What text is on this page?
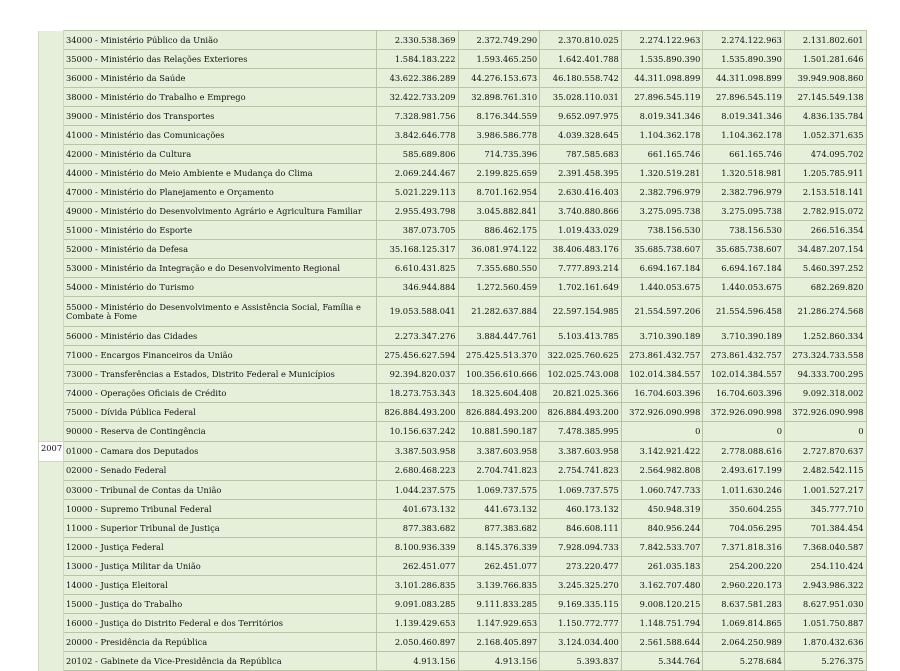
	34000 - Ministério Público da União	2.330.538.369	2.372.749.290	2.370.810.025	2.274.122.963	2.274.122.963	2.131.802.601
	35000 - Ministério das Relações Exteriores	1.584.183.222	1.593.465.250	1.642.401.788	1.535.890.390	1.535.890.390	1.501.281.646
	36000 - Ministério da Saúde	43.622.386.289	44.276.153.673	46.180.558.742	44.311.098.899	44.311.098.899	39.949.908.860
	38000 - Ministério do Trabalho e Emprego	32.422.733.209	32.898.761.310	35.028.110.031	27.896.545.119	27.896.545.119	27.145.549.138
	39000 - Ministério dos Transportes	7.328.981.756	8.176.344.559	9.652.097.975	8.019.341.346	8.019.341.346	4.836.135.784
	41000 - Ministério das Comunicações	3.842.646.778	3.986.586.778	4.039.328.645	1.104.362.178	1.104.362.178	1.052.371.635
	42000 - Ministério da Cultura	585.689.806	714.735.396	787.585.683	661.165.746	661.165.746	474.095.702
	44000 - Ministério do Meio Ambiente e Mudança do Clima	2.069.244.467	2.199.825.659	2.391.458.395	1.320.519.281	1.320.518.981	1.205.785.911
	47000 - Ministério do Planejamento e Orçamento	5.021.229.113	8.701.162.954	2.630.416.403	2.382.796.979	2.382.796.979	2.153.518.141
	49000 - Ministério do Desenvolvimento Agrário e Agricultura Familiar	2.955.493.798	3.045.882.841	3.740.880.866	3.275.095.738	3.275.095.738	2.782.915.072
	51000 - Ministério do Esporte	387.073.705	886.462.175	1.019.433.029	738.156.530	738.156.530	266.516.354
	52000 - Ministério da Defesa	35.168.125.317	36.081.974.122	38.406.483.176	35.685.738.607	35.685.738.607	34.487.207.154
	53000 - Ministério da Integração e do Desenvolvimento Regional	6.610.431.825	7.355.680.550	7.777.893.214	6.694.167.184	6.694.167.184	5.460.397.252
	54000 - Ministério do Turismo	346.944.884	1.272.560.459	1.702.161.649	1.440.053.675	1.440.053.675	682.269.820
	55000 - Ministério do Desenvolvimento e Assistência Social, Família e Combate à Fome	19.053.588.041	21.282.637.884	22.597.154.985	21.554.597.206	21.554.596.458	21.286.274.568
	56000 - Ministério das Cidades	2.273.347.276	3.884.447.761	5.103.413.785	3.710.390.189	3.710.390.189	1.252.860.334
	71000 - Encargos Financeiros da União	275.456.627.594	275.425.513.370	322.025.760.625	273.861.432.757	273.861.432.757	273.324.733.558
	73000 - Transferências a Estados, Distrito Federal e Municípios	92.394.820.037	100.356.610.666	102.025.743.008	102.014.384.557	102.014.384.557	94.333.700.295
	74000 - Operações Oficiais de Crédito	18.273.753.343	18.325.604.408	20.821.025.366	16.704.603.396	16.704.603.396	9.092.318.002
	75000 - Dívida Pública Federal	826.884.493.200	826.884.493.200	826.884.493.200	372.926.090.998	372.926.090.998	372.926.090.998
	90000 - Reserva de Contingência	10.156.637.242	10.881.590.187	7.478.385.995	0	0	0
2007	01000 - Camara dos Deputados	3.387.503.958	3.387.603.958	3.387.603.958	3.142.921.422	2.778.088.616	2.727.870.637
	02000 - Senado Federal	2.680.468.223	2.704.741.823	2.754.741.823	2.564.982.808	2.493.617.199	2.482.542.115
	03000 - Tribunal de Contas da União	1.044.237.575	1.069.737.575	1.069.737.575	1.060.747.733	1.011.630.246	1.001.527.217
	10000 - Supremo Tribunal Federal	401.673.132	441.673.132	460.173.132	450.948.319	350.604.255	345.777.710
	11000 - Superior Tribunal de Justiça	877.383.682	877.383.682	846.608.111	840.956.244	704.056.295	701.384.454
	12000 - Justiça Federal	8.100.936.339	8.145.376.339	7.928.094.733	7.842.533.707	7.371.818.316	7.368.040.587
	13000 - Justiça Militar da União	262.451.077	262.451.077	273.220.477	261.035.183	254.200.220	254.110.424
	14000 - Justiça Eleitoral	3.101.286.835	3.139.766.835	3.245.325.270	3.162.707.480	2.960.220.173	2.943.986.322
	15000 - Justiça do Trabalho	9.091.083.285	9.111.833.285	9.169.335.115	9.008.120.215	8.637.581.283	8.627.951.030
	16000 - Justiça do Distrito Federal e dos Territórios	1.139.429.653	1.147.929.653	1.150.772.777	1.148.751.794	1.069.814.865	1.051.750.887
	20000 - Presidência da República	2.050.460.897	2.168.405.897	3.124.034.400	2.561.588.644	2.064.250.989	1.870.432.636
	20102 - Gabinete da Vice-Presidência da República	4.913.156	4.913.156	5.393.837	5.344.764	5.278.684	5.276.375
